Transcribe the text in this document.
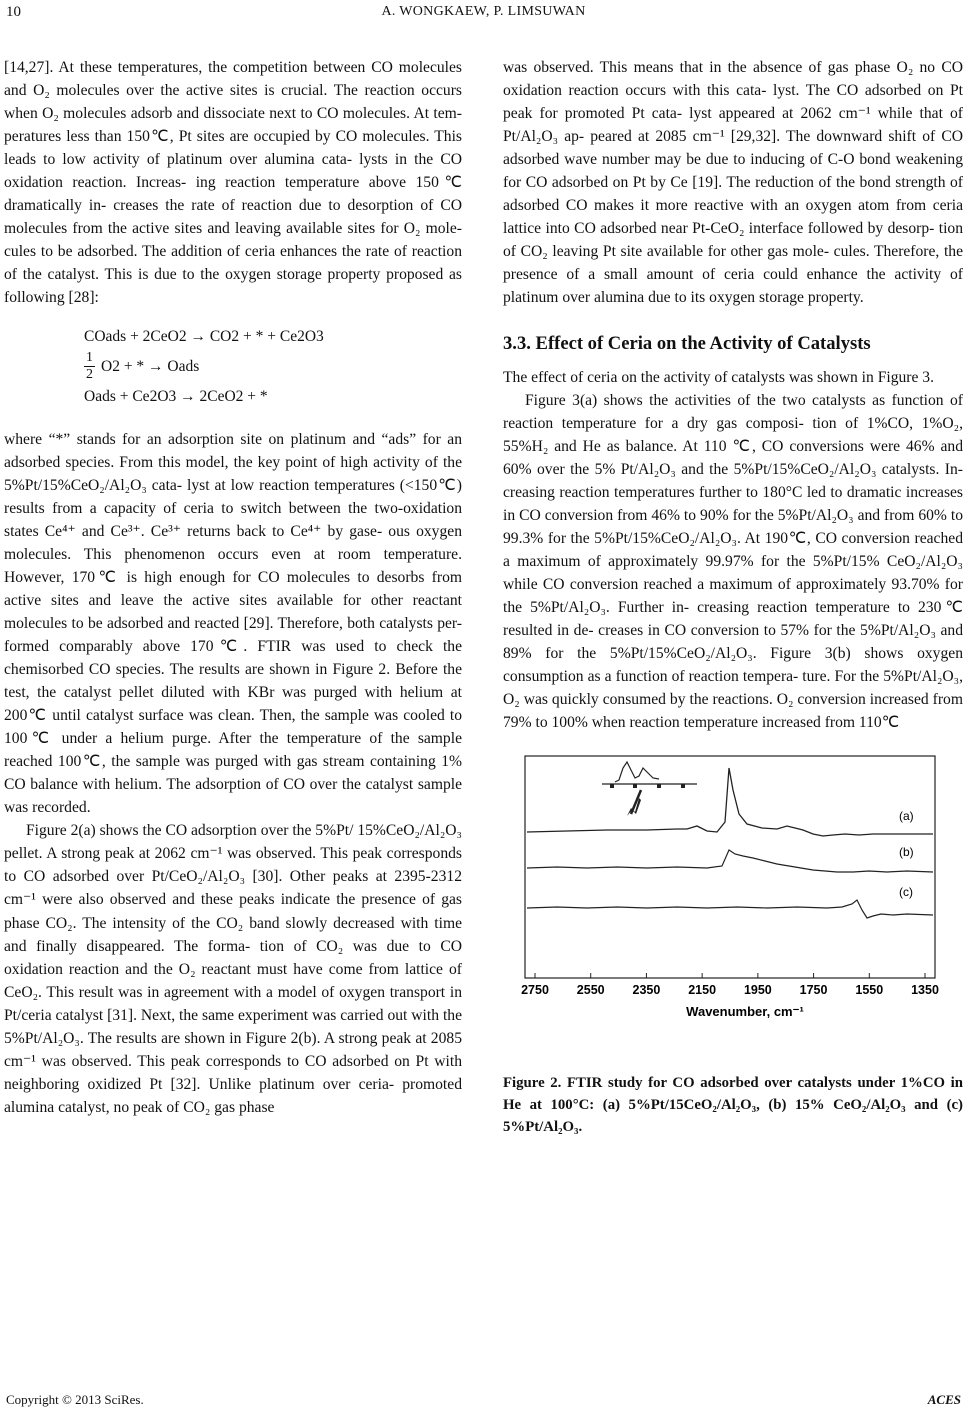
10	A. WONGKAEW, P. LIMSUWAN

[14,27]. At these temperatures, the competition between CO molecules and O₂ molecules over the active sites is crucial. The reaction occurs when O₂ molecules adsorb and dissociate next to CO molecules. At tem- peratures less than 150℃, Pt sites are occupied by CO molecules. This leads to low activity of platinum over alumina cata- lysts in the CO oxidation reaction. Increas- ing reaction temperature above 150℃ dramatically in- creases the rate of reaction due to desorption of CO molecules from the active sites and leaving available sites for O₂ mole- cules to be adsorbed. The addition of ceria enhances the rate of reaction of the catalyst. This is due to the oxygen storage property proposed as following [28]:

COads + 2CeO2 → CO2 + * + Ce2O3
$\frac{1}{2} O2$ + * → Oads
Oads + Ce2O3 → 2CeO2 + *

where “*” stands for an adsorption site on platinum and “ads” for an adsorbed species. From this model, the key point of high activity of the 5%Pt/15%CeO₂/Al₂O₃ cata- lyst at low reaction temperatures (<150℃) results from a capacity of ceria to switch between the two-oxidation states Ce⁴⁺ and Ce³⁺. Ce³⁺ returns back to Ce⁴⁺ by gase- ous oxygen molecules. This phenomenon occurs even at room temperature. However, 170℃ is high enough for CO molecules to desorbs from active sites and leave the active sites available for other reactant molecules to be adsorbed and reacted [29]. Therefore, both catalysts per- formed comparably above 170℃. FTIR was used to check the chemisorbed CO species. The results are shown in Figure 2. Before the test, the catalyst pellet diluted with KBr was purged with helium at 200℃ until catalyst surface was clean. Then, the sample was cooled to 100℃ under a helium purge. After the temperature of the sample reached 100℃, the sample was purged with gas stream containing 1% CO balance with helium. The adsorption of CO over the catalyst sample was recorded.

Figure 2(a) shows the CO adsorption over the 5%Pt/ 15%CeO₂/Al₂O₃ pellet. A strong peak at 2062 cm⁻¹ was observed. This peak corresponds to CO adsorbed over Pt/CeO₂/Al₂O₃ [30]. Other peaks at 2395-2312 cm⁻¹ were also observed and these peaks indicate the presence of gas phase CO₂. The intensity of the CO₂ band slowly decreased with time and finally disappeared. The forma- tion of CO₂ was due to CO oxidation reaction and the O₂ reactant must have come from lattice of CeO₂. This result was in agreement with a model of oxygen transport in Pt/ceria catalyst [31]. Next, the same experiment was carried out with the 5%Pt/Al₂O₃. The results are shown in Figure 2(b). A strong peak at 2085 cm⁻¹ was observed. This peak corresponds to CO adsorbed on Pt with neighboring oxidized Pt [32]. Unlike platinum over ceria- promoted alumina catalyst, no peak of CO₂ gas phase

was observed. This means that in the absence of gas phase O₂ no CO oxidation reaction occurs with this cata- lyst. The CO adsorbed on Pt peak for promoted Pt cata- lyst appeared at 2062 cm⁻¹ while that of Pt/Al₂O₃ ap- peared at 2085 cm⁻¹ [29,32]. The downward shift of CO adsorbed wave number may be due to inducing of C-O bond weakening for CO adsorbed on Pt by Ce [19]. The reduction of the bond strength of adsorbed CO makes it more reactive with an oxygen atom from ceria lattice into CO adsorbed near Pt-CeO₂ interface followed by desorp- tion of CO₂ leaving Pt site available for other gas mole- cules. Therefore, the presence of a small amount of ceria could enhance the activity of platinum over alumina due to its oxygen storage property.

3.3. Effect of Ceria on the Activity of Catalysts

The effect of ceria on the activity of catalysts was shown in Figure 3.

Figure 3(a) shows the activities of the two catalysts as function of reaction temperature for a dry gas composi- tion of 1%CO, 1%O₂, 55%H₂ and He as balance. At 110 ℃, CO conversions were 46% and 60% over the 5% Pt/Al₂O₃ and the 5%Pt/15%CeO₂/Al₂O₃ catalysts. In- creasing reaction temperatures further to 180°C led to dramatic increases in CO conversion from 46% to 90% for the 5%Pt/Al₂O₃ and from 60% to 99.3% for the 5%Pt/15%CeO₂/Al₂O₃. At 190℃, CO conversion reached a maximum of approximately 99.97% for the 5%Pt/15% CeO₂/Al₂O₃ while CO conversion reached a maximum of approximately 93.70% for the 5%Pt/Al₂O₃. Further in- creasing reaction temperature to 230℃ resulted in de- creases in CO conversion to 57% for the 5%Pt/Al₂O₃ and 89% for the 5%Pt/15%CeO₂/Al₂O₃. Figure 3(b) shows oxygen consumption as a function of reaction tempera- ture. For the 5%Pt/Al₂O₃, O₂ was quickly consumed by the reactions. O₂ conversion increased from 79% to 100% when reaction temperature increased from 110℃

(a)
(b)
(c)
2750 2550 2350 2150 1950 1750 1550 1350
Wavenumber, cm⁻¹

Figure 2. FTIR study for CO adsorbed over catalysts under 1%CO in He at 100°C: (a) 5%Pt/15CeO₂/Al₂O₃, (b) 15% CeO₂/Al₂O₃ and (c) 5%Pt/Al₂O₃.

Copyright © 2013 SciRes.	ACES
